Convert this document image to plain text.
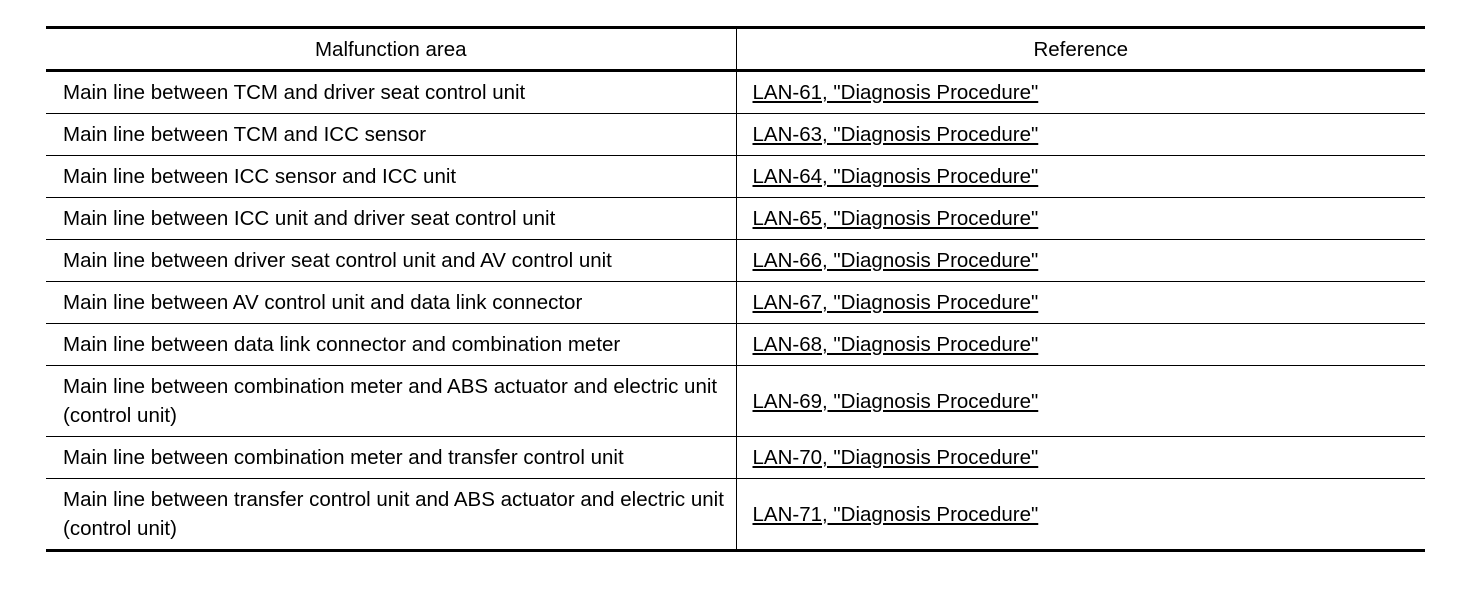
Malfunction area	Reference
Main line between TCM and driver seat control unit	LAN-61, "Diagnosis Procedure"
Main line between TCM and ICC sensor	LAN-63, "Diagnosis Procedure"
Main line between ICC sensor and ICC unit	LAN-64, "Diagnosis Procedure"
Main line between ICC unit and driver seat control unit	LAN-65, "Diagnosis Procedure"
Main line between driver seat control unit and AV control unit	LAN-66, "Diagnosis Procedure"
Main line between AV control unit and data link connector	LAN-67, "Diagnosis Procedure"
Main line between data link connector and combination meter	LAN-68, "Diagnosis Procedure"
Main line between combination meter and ABS actuator and electric unit (control unit)	LAN-69, "Diagnosis Procedure"
Main line between combination meter and transfer control unit	LAN-70, "Diagnosis Procedure"
Main line between transfer control unit and ABS actuator and electric unit (control unit)	LAN-71, "Diagnosis Procedure"
